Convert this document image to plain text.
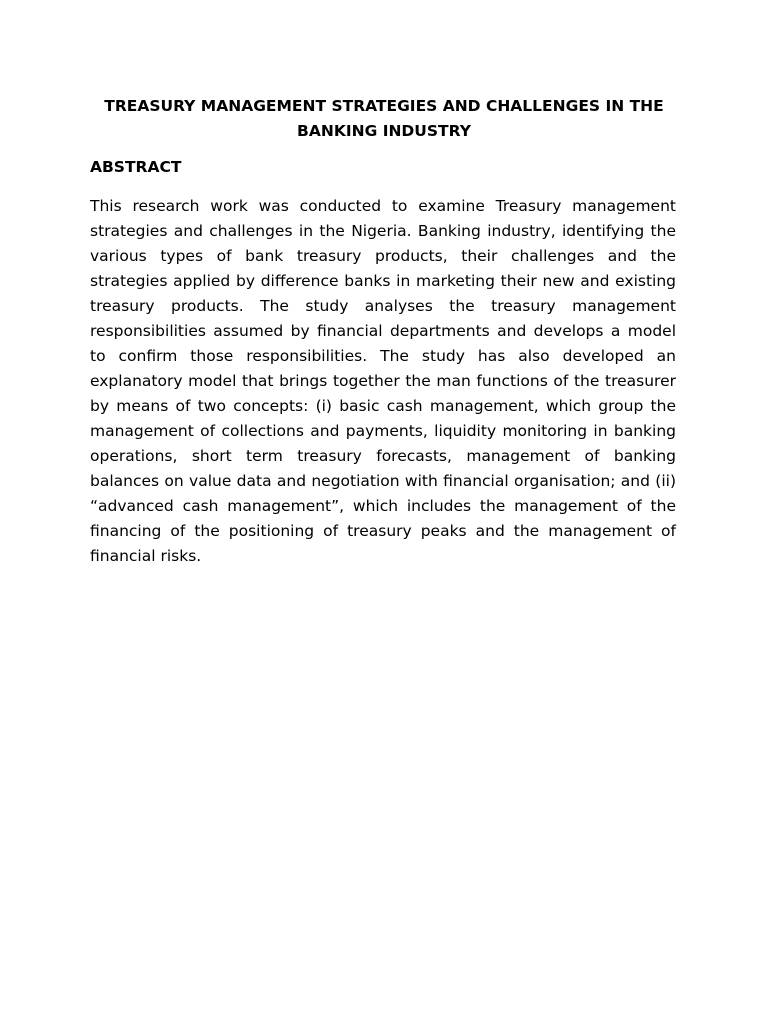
TREASURY MANAGEMENT STRATEGIES AND CHALLENGES IN THE BANKING INDUSTRY
ABSTRACT

This research work was conducted to examine Treasury management strategies and challenges in the Nigeria. Banking industry, identifying the various types of bank treasury products, their challenges and the strategies applied by difference banks in marketing their new and existing treasury products. The study analyses the treasury management responsibilities assumed by financial departments and develops a model to confirm those responsibilities. The study has also developed an explanatory model that brings together the man functions of the treasurer by means of two concepts: (i) basic cash management, which group the management of collections and payments, liquidity monitoring in banking operations, short term treasury forecasts, management of banking balances on value data and negotiation with financial organisation; and (ii) “advanced cash management”, which includes the management of the financing of the positioning of treasury peaks and the management of financial risks.
